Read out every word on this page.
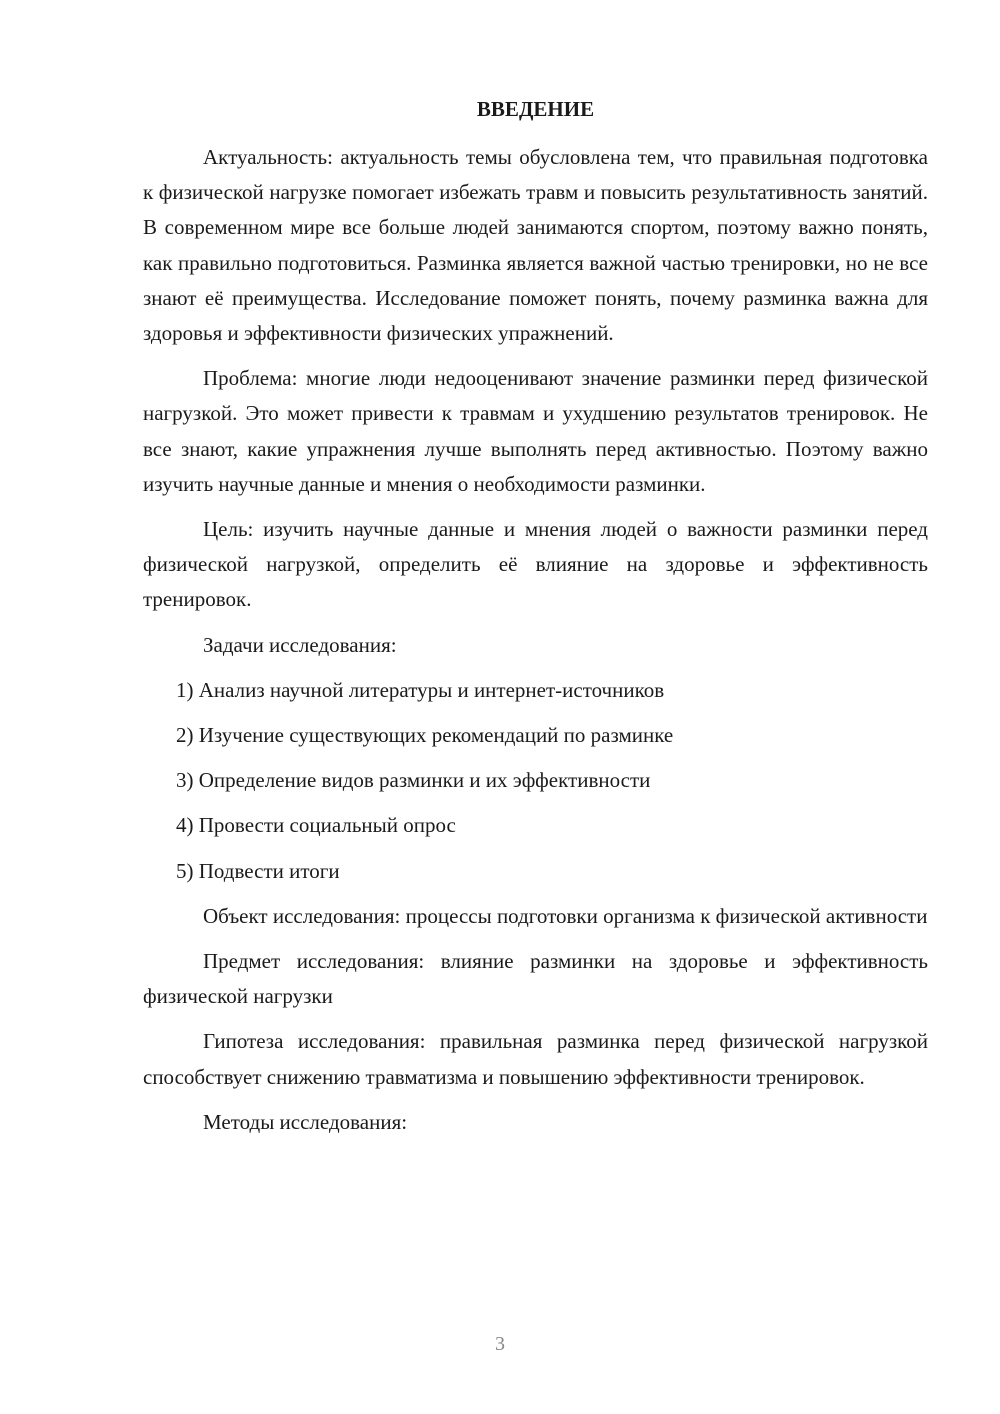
ВВЕДЕНИЕ

Актуальность: актуальность темы обусловлена тем, что правильная подготовка к физической нагрузке помогает избежать травм и повысить результативность занятий. В современном мире все больше людей занимаются спортом, поэтому важно понять, как правильно подготовиться. Разминка является важной частью тренировки, но не все знают её преимущества. Исследование поможет понять, почему разминка важна для здоровья и эффективности физических упражнений.

Проблема: многие люди недооценивают значение разминки перед физической нагрузкой. Это может привести к травмам и ухудшению результатов тренировок. Не все знают, какие упражнения лучше выполнять перед активностью. Поэтому важно изучить научные данные и мнения о необходимости разминки.

Цель: изучить научные данные и мнения людей о важности разминки перед физической нагрузкой, определить её влияние на здоровье и эффективность тренировок.

Задачи исследования:

1) Анализ научной литературы и интернет-источников

2) Изучение существующих рекомендаций по разминке

3) Определение видов разминки и их эффективности

4) Провести социальный опрос

5) Подвести итоги

Объект исследования: процессы подготовки организма к физической активности

Предмет исследования: влияние разминки на здоровье и эффективность физической нагрузки

Гипотеза исследования: правильная разминка перед физической нагрузкой способствует снижению травматизма и повышению эффективности тренировок.

Методы исследования:

3
